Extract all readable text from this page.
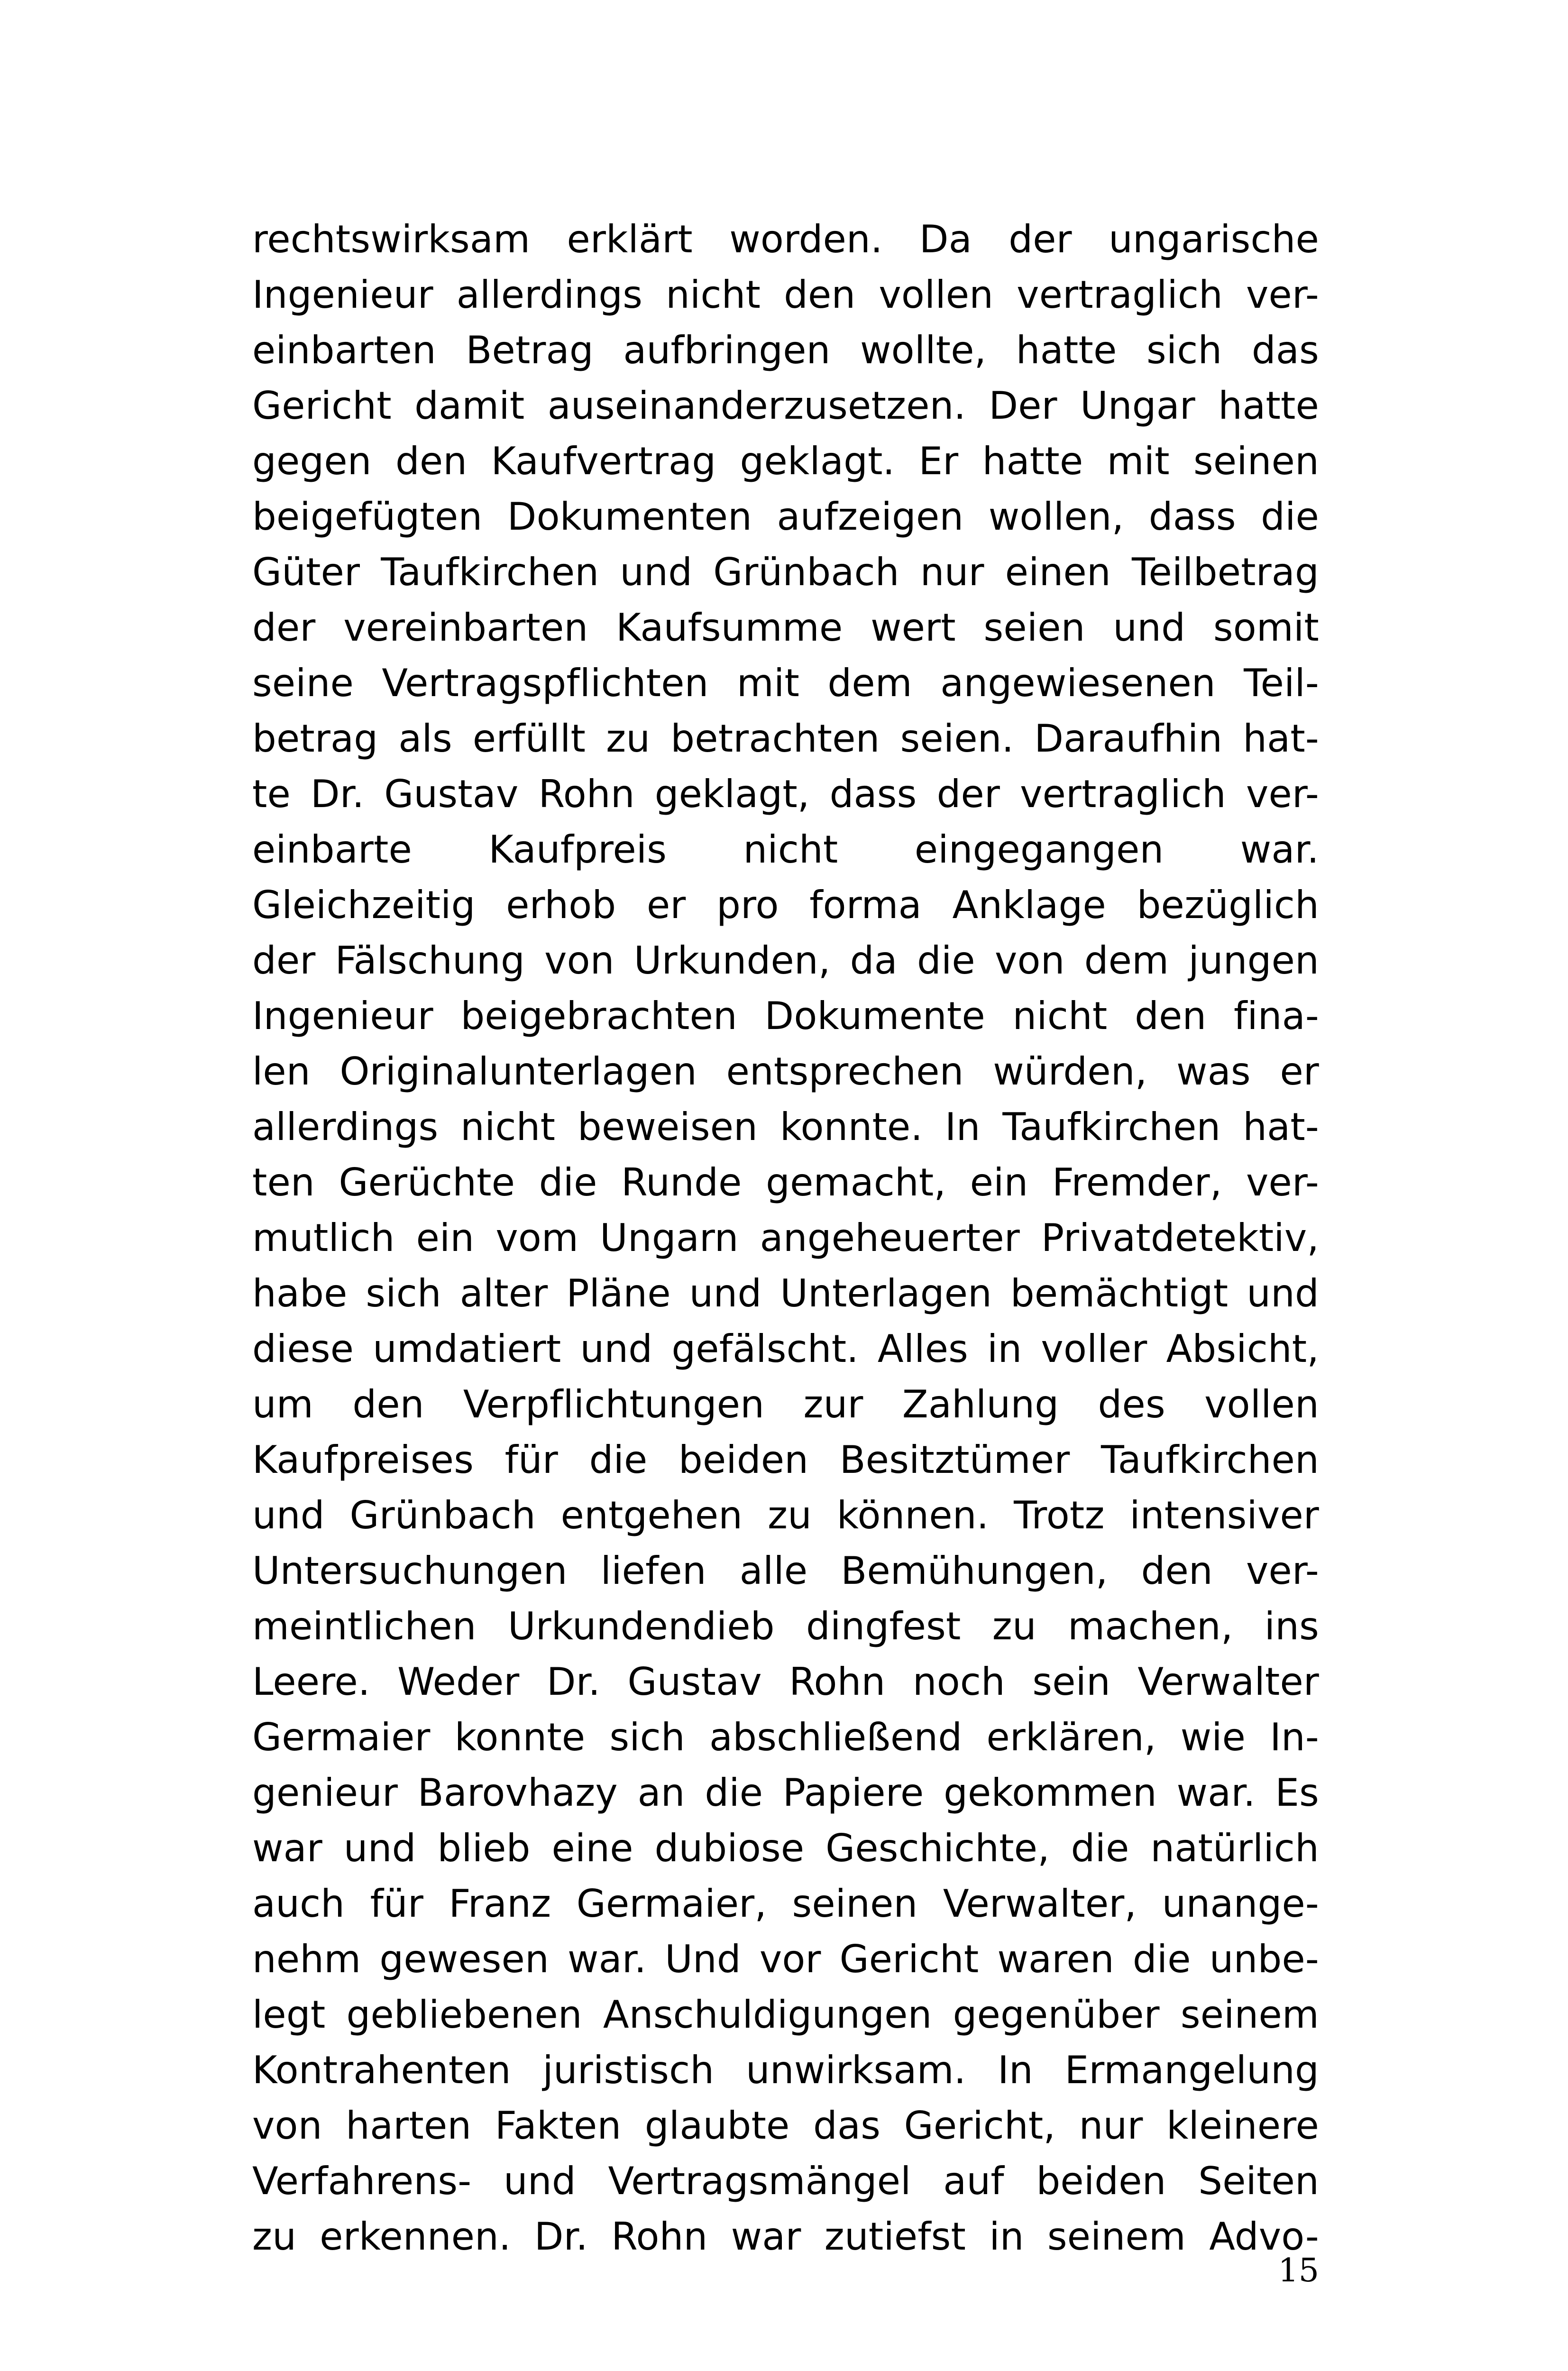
rechtswirksam erklärt worden. Da der ungarische
Ingenieur allerdings nicht den vollen vertraglich ver-
einbarten Betrag aufbringen wollte, hatte sich das
Gericht damit auseinanderzusetzen. Der Ungar hatte
gegen den Kaufvertrag geklagt. Er hatte mit seinen
beigefügten Dokumenten aufzeigen wollen, dass die
Güter Taufkirchen und Grünbach nur einen Teilbetrag
der vereinbarten Kaufsumme wert seien und somit
seine Vertragspflichten mit dem angewiesenen Teil-
betrag als erfüllt zu betrachten seien. Daraufhin hat-
te Dr. Gustav Rohn geklagt, dass der vertraglich ver-
einbarte Kaufpreis nicht eingegangen war.
Gleichzeitig erhob er pro forma Anklage bezüglich
der Fälschung von Urkunden, da die von dem jungen
Ingenieur beigebrachten Dokumente nicht den fina-
len Originalunterlagen entsprechen würden, was er
allerdings nicht beweisen konnte. In Taufkirchen hat-
ten Gerüchte die Runde gemacht, ein Fremder, ver-
mutlich ein vom Ungarn angeheuerter Privatdetektiv,
habe sich alter Pläne und Unterlagen bemächtigt und
diese umdatiert und gefälscht. Alles in voller Absicht,
um den Verpflichtungen zur Zahlung des vollen
Kaufpreises für die beiden Besitztümer Taufkirchen
und Grünbach entgehen zu können. Trotz intensiver
Untersuchungen liefen alle Bemühungen, den ver-
meintlichen Urkundendieb dingfest zu machen, ins
Leere. Weder Dr. Gustav Rohn noch sein Verwalter
Germaier konnte sich abschließend erklären, wie In-
genieur Barovhazy an die Papiere gekommen war. Es
war und blieb eine dubiose Geschichte, die natürlich
auch für Franz Germaier, seinen Verwalter, unange-
nehm gewesen war. Und vor Gericht waren die unbe-
legt gebliebenen Anschuldigungen gegenüber seinem
Kontrahenten juristisch unwirksam. In Ermangelung
von harten Fakten glaubte das Gericht, nur kleinere
Verfahrens- und Vertragsmängel auf beiden Seiten
zu erkennen. Dr. Rohn war zutiefst in seinem Advo-
15
